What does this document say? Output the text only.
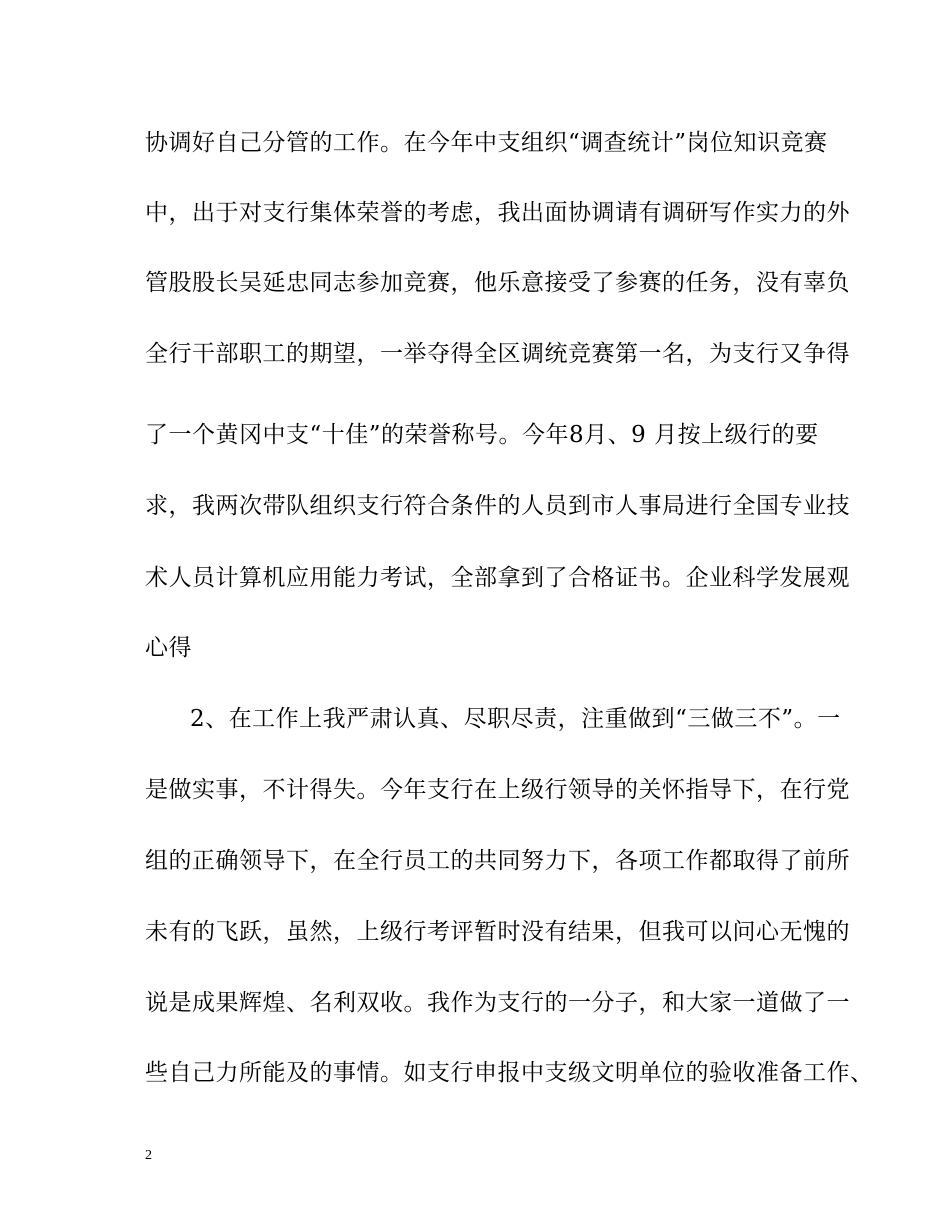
协调好自己分管的工作。在今年中支组织“调查统计”岗位知识竞赛
中，出于对支行集体荣誉的考虑，我出面协调请有调研写作实力的外
管股股长吴延忠同志参加竞赛，他乐意接受了参赛的任务，没有辜负
全行干部职工的期望，一举夺得全区调统竞赛第一名，为支行又争得
了一个黄冈中支“十佳”的荣誉称号。今年8月、9 月按上级行的要
求，我两次带队组织支行符合条件的人员到市人事局进行全国专业技
术人员计算机应用能力考试，全部拿到了合格证书。企业科学发展观
心得
2、在工作上我严肃认真、尽职尽责，注重做到“三做三不”。一
是做实事，不计得失。今年支行在上级行领导的关怀指导下，在行党
组的正确领导下，在全行员工的共同努力下，各项工作都取得了前所
未有的飞跃，虽然，上级行考评暂时没有结果，但我可以问心无愧的
说是成果辉煌、名利双收。我作为支行的一分子，和大家一道做了一
些自己力所能及的事情。如支行申报中支级文明单位的验收准备工作、
2
